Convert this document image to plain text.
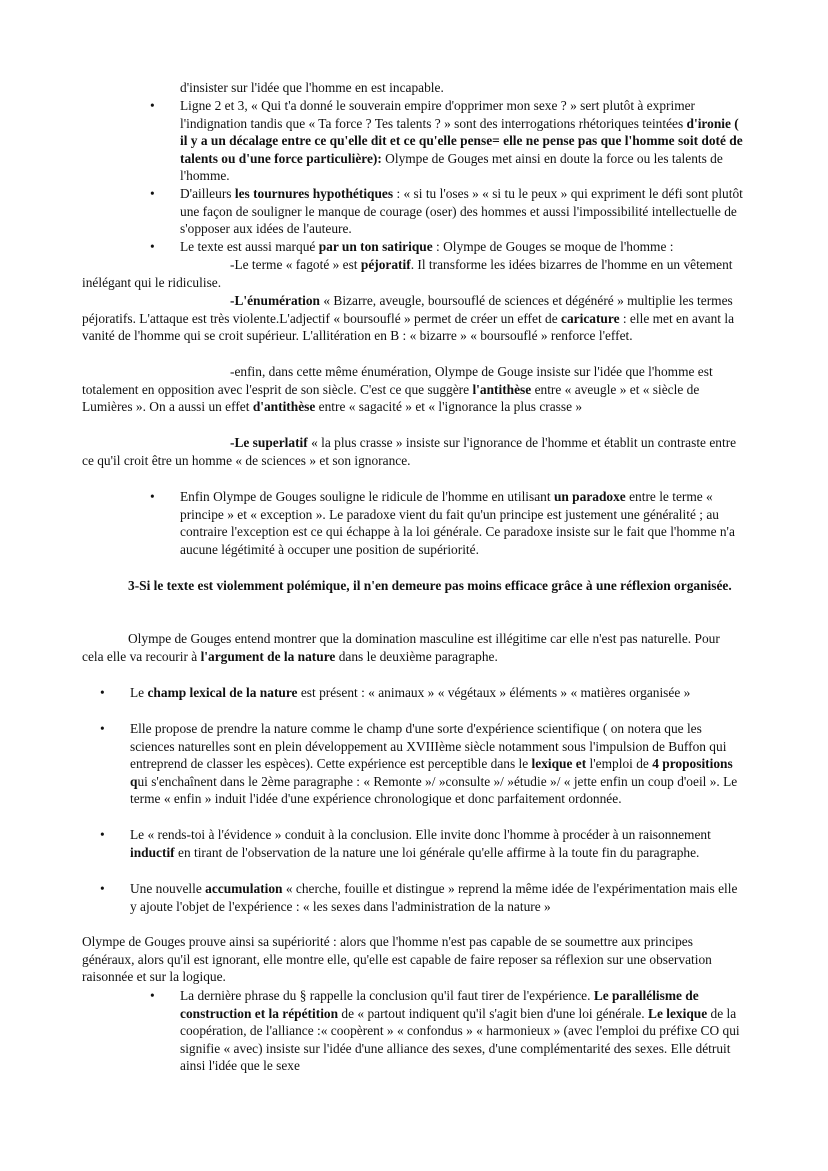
d'insister sur l'idée que l'homme en est incapable.

• Ligne 2 et 3, « Qui t'a donné le souverain empire d'opprimer mon sexe ? » sert plutôt à exprimer l'indignation tandis que « Ta force ? Tes talents ? » sont des interrogations rhétoriques teintées d'ironie ( il y a un décalage entre ce qu'elle dit et ce qu'elle pense= elle ne pense pas que l'homme soit doté de talents ou d'une force particulière): Olympe de Gouges met ainsi en doute la force ou les talents de l'homme.
• D'ailleurs les tournures hypothétiques : « si tu l'oses » « si tu le peux » qui expriment le défi sont plutôt une façon de souligner le manque de courage (oser) des hommes et aussi l'impossibilité intellectuelle de s'opposer aux idées de l'auteure.
• Le texte est aussi marqué par un ton satirique : Olympe de Gouges se moque de l'homme :

-Le terme « fagoté » est péjoratif. Il transforme les idées bizarres de l'homme en un vêtement inélégant qui le ridiculise.

-L'énumération « Bizarre, aveugle, boursouflé de sciences et dégénéré » multiplie les termes péjoratifs. L'attaque est très violente.L'adjectif « boursouflé » permet de créer un effet de caricature : elle met en avant la vanité de l'homme qui se croit supérieur. L'allitération en B : « bizarre » « boursouflé » renforce l'effet.

-enfin, dans cette même énumération, Olympe de Gouge insiste sur l'idée que l'homme est totalement en opposition avec l'esprit de son siècle. C'est ce que suggère l'antithèse entre « aveugle » et « siècle de Lumières ». On a aussi un effet d'antithèse entre « sagacité » et « l'ignorance la plus crasse »

-Le superlatif « la plus crasse » insiste sur l'ignorance de l'homme et établit un contraste entre ce qu'il croit être un homme « de sciences » et son ignorance.

• Enfin Olympe de Gouges souligne le ridicule de l'homme en utilisant un paradoxe entre le terme « principe » et « exception ». Le paradoxe vient du fait qu'un principe est justement une généralité ; au contraire l'exception est ce qui échappe à la loi générale. Ce paradoxe insiste sur le fait que l'homme n'a aucune légétimité à occuper une position de supériorité.

3-Si le texte est violemment polémique, il n'en demeure pas moins efficace grâce à une réflexion organisée.

Olympe de Gouges entend montrer que la domination masculine est illégitime car elle n'est pas naturelle. Pour cela elle va recourir à l'argument de la nature dans le deuxième paragraphe.

• Le champ lexical de la nature est présent : « animaux » « végétaux » éléments » « matières organisée »
• Elle propose de prendre la nature comme le champ d'une sorte d'expérience scientifique ( on notera que les sciences naturelles sont en plein développement au XVIIIème siècle notamment sous l'impulsion de Buffon qui entreprend de classer les espèces). Cette expérience est perceptible dans le lexique et l'emploi de 4 propositions qui s'enchaînent dans le 2ème paragraphe : « Remonte »/ »consulte »/ »étudie »/ « jette enfin un coup d'oeil ». Le terme « enfin » induit l'idée d'une expérience chronologique et donc parfaitement ordonnée.
• Le « rends-toi à l'évidence » conduit à la conclusion. Elle invite donc l'homme à procéder à un raisonnement inductif en tirant de l'observation de la nature une loi générale qu'elle affirme à la toute fin du paragraphe.
• Une nouvelle accumulation « cherche, fouille et distingue » reprend la même idée de l'expérimentation mais elle y ajoute l'objet de l'expérience : « les sexes dans l'administration de la nature »

Olympe de Gouges prouve ainsi sa supériorité : alors que l'homme n'est pas capable de se soumettre aux principes généraux, alors qu'il est ignorant, elle montre elle, qu'elle est capable de faire reposer sa réflexion sur une observation raisonnée et sur la logique.

• La dernière phrase du § rappelle la conclusion qu'il faut tirer de l'expérience. Le parallélisme de construction et la répétition de « partout indiquent qu'il s'agit bien d'une loi générale. Le lexique de la coopération, de l'alliance :« coopèrent » « confondus » « harmonieux » (avec l'emploi du préfixe CO qui signifie « avec) insiste sur l'idée d'une alliance des sexes, d'une complémentarité des sexes. Elle détruit ainsi l'idée que le sexe
